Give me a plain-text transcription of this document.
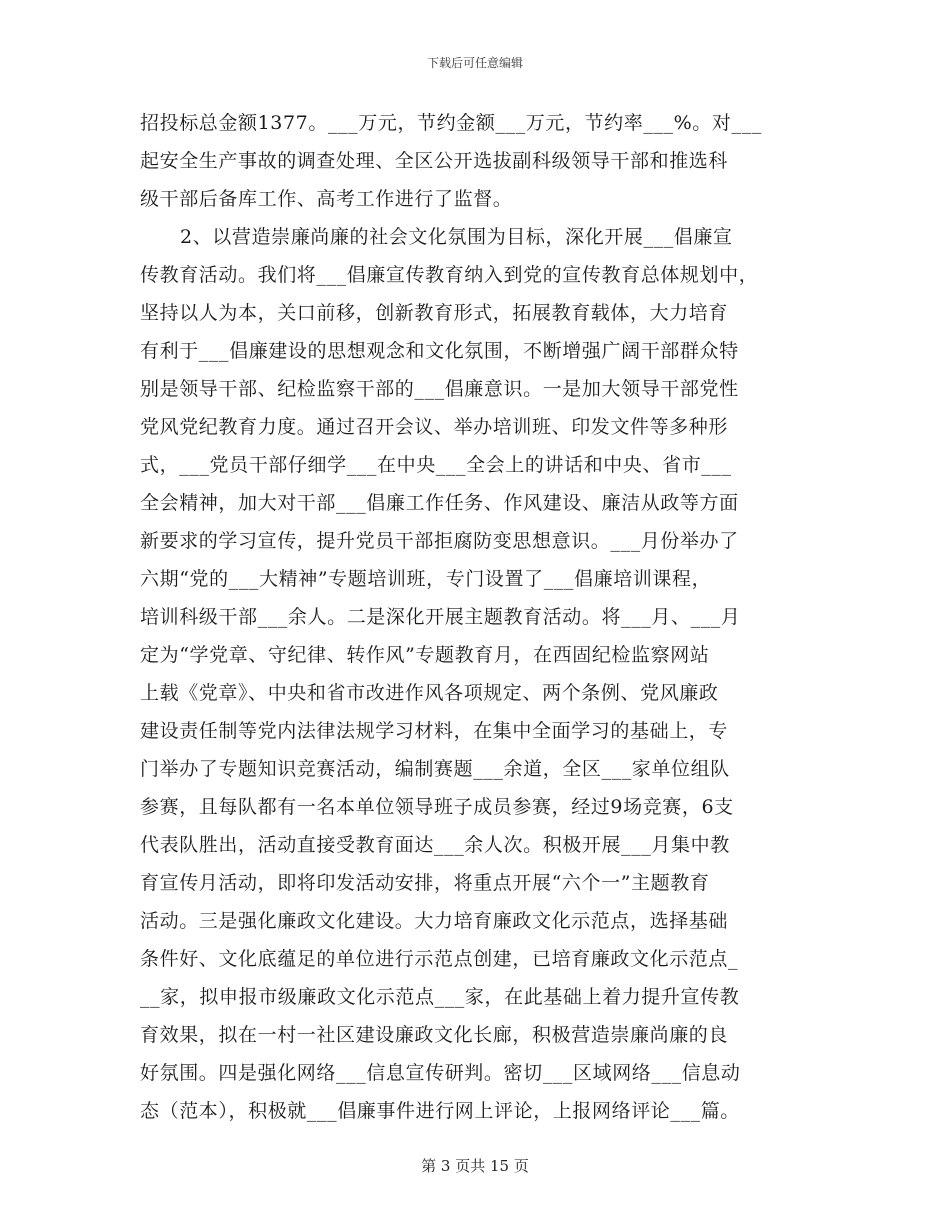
下载后可任意编辑
招投标总金额1377。___万元，节约金额___万元，节约率___%。对___
起安全生产事故的调查处理、全区公开选拔副科级领导干部和推选科
级干部后备库工作、高考工作进行了监督。
2、以营造崇廉尚廉的社会文化氛围为目标，深化开展___倡廉宣
传教育活动。我们将___倡廉宣传教育纳入到党的宣传教育总体规划中，
坚持以人为本，关口前移，创新教育形式，拓展教育载体，大力培育
有利于___倡廉建设的思想观念和文化氛围，不断增强广阔干部群众特
别是领导干部、纪检监察干部的___倡廉意识。一是加大领导干部党性
党风党纪教育力度。通过召开会议、举办培训班、印发文件等多种形
式，___党员干部仔细学___在中央___全会上的讲话和中央、省市___
全会精神，加大对干部___倡廉工作任务、作风建设、廉洁从政等方面
新要求的学习宣传，提升党员干部拒腐防变思想意识。___月份举办了
六期“党的___大精神”专题培训班，专门设置了___倡廉培训课程，
培训科级干部___余人。二是深化开展主题教育活动。将___月、___月
定为“学党章、守纪律、转作风”专题教育月，在西固纪检监察网站
上载《党章》、中央和省市改进作风各项规定、两个条例、党风廉政
建设责任制等党内法律法规学习材料，在集中全面学习的基础上，专
门举办了专题知识竞赛活动，编制赛题___余道，全区___家单位组队
参赛，且每队都有一名本单位领导班子成员参赛，经过9场竞赛，6支
代表队胜出，活动直接受教育面达___余人次。积极开展___月集中教
育宣传月活动，即将印发活动安排，将重点开展“六个一”主题教育
活动。三是强化廉政文化建设。大力培育廉政文化示范点，选择基础
条件好、文化底蕴足的单位进行示范点创建，已培育廉政文化示范点_
__家，拟申报市级廉政文化示范点___家，在此基础上着力提升宣传教
育效果，拟在一村一社区建设廉政文化长廊，积极营造崇廉尚廉的良
好氛围。四是强化网络___信息宣传研判。密切___区域网络___信息动
态（范本），积极就___倡廉事件进行网上评论，上报网络评论___篇。
第 3 页共 15 页
